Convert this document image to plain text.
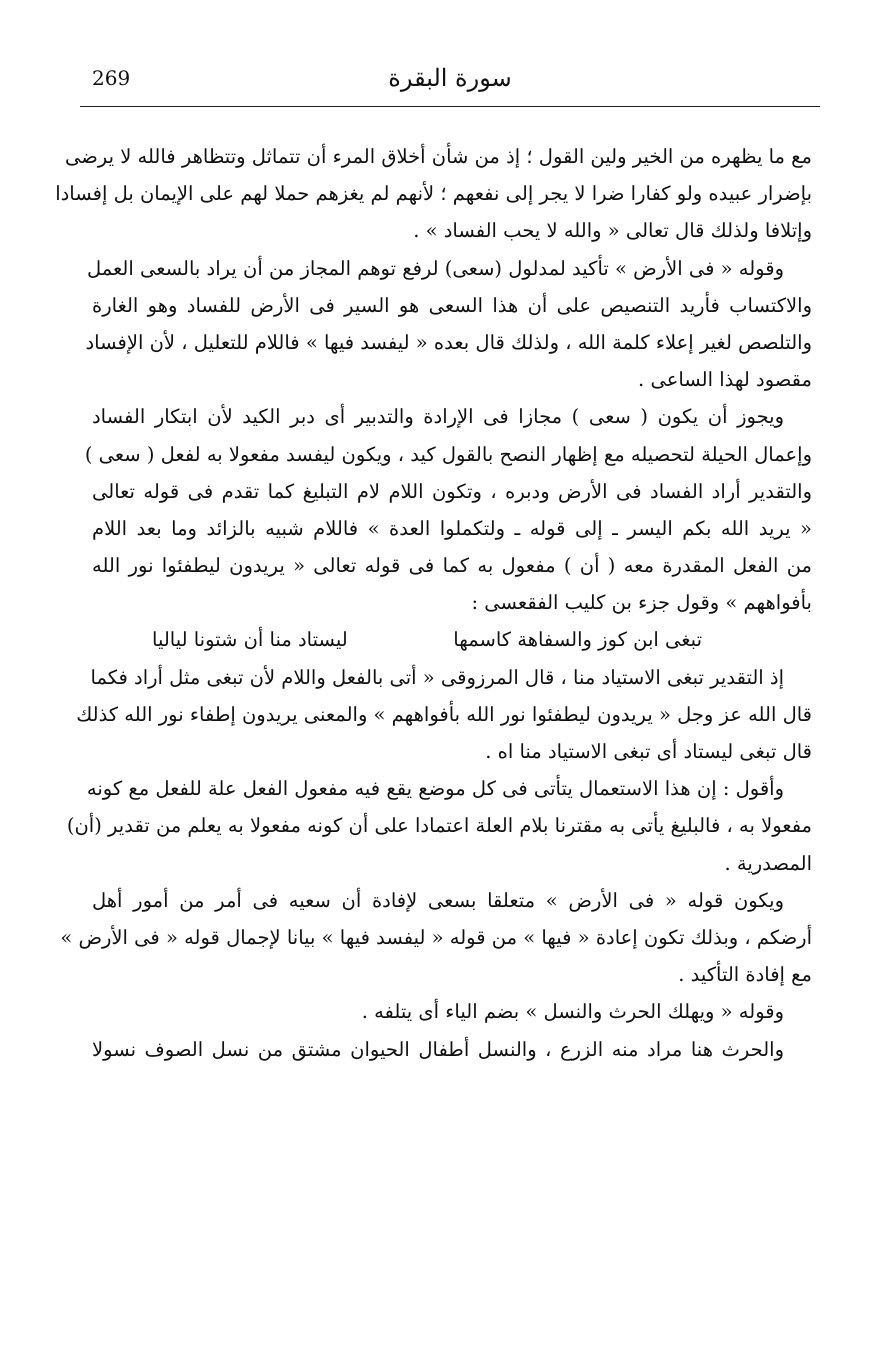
269	سورة البقرة
مع ما يظهره من الخير ولين القول ؛ إذ من شأن أخلاق المرء أن تتماثل وتتظاهر فالله لا يرضى
بإضرار عبيده ولو كفارا ضرا لا يجر إلى نفعهم ؛ لأنهم لم يغزهم حملا لهم على الإيمان بل إفسادا
وإتلافا ولذلك قال تعالى « والله لا يحب الفساد » .
وقوله « فى الأرض » تأكيد لمدلول (سعى) لرفع توهم المجاز من أن يراد بالسعى العمل
والاكتساب فأريد التنصيص على أن هذا السعى هو السير فى الأرض للفساد وهو الغارة
والتلصص لغير إعلاء كلمة الله ، ولذلك قال بعده « ليفسد فيها » فاللام للتعليل ، لأن الإفساد
مقصود لهذا الساعى .
ويجوز أن يكون ( سعى ) مجازا فى الإرادة والتدبير أى دبر الكيد لأن ابتكار الفساد
وإعمال الحيلة لتحصيله مع إظهار النصح بالقول كيد ، ويكون ليفسد مفعولا به لفعل ( سعى )
والتقدير أراد الفساد فى الأرض ودبره ، وتكون اللام لام التبليغ كما تقدم فى قوله تعالى
« يريد الله بكم اليسر ـ إلى قوله ـ ولتكملوا العدة » فاللام شبيه بالزائد وما بعد اللام
من الفعل المقدرة معه ( أن ) مفعول به كما فى قوله تعالى « يريدون ليطفئوا نور الله
بأفواههم » وقول جزء بن كليب الفقعسى :
تبغى ابن كوز والسفاهة كاسمها
ليستاد منا أن شتونا لياليا
إذ التقدير تبغى الاستياد منا ، قال المرزوقى « أتى بالفعل واللام لأن تبغى مثل أراد فكما
قال الله عز وجل « يريدون ليطفئوا نور الله بأفواههم » والمعنى يريدون إطفاء نور الله كذلك
قال تبغى ليستاد أى تبغى الاستياد منا اه .
وأقول : إن هذا الاستعمال يتأتى فى كل موضع يقع فيه مفعول الفعل علة للفعل مع كونه
مفعولا به ، فالبليغ يأتى به مقترنا بلام العلة اعتمادا على أن كونه مفعولا به يعلم من تقدير (أن)
المصدرية .
ويكون قوله « فى الأرض » متعلقا بسعى لإفادة أن سعيه فى أمر من أمور أهل
أرضكم ، وبذلك تكون إعادة « فيها » من قوله « ليفسد فيها » بيانا لإجمال قوله « فى الأرض »
مع إفادة التأكيد .
وقوله « ويهلك الحرث والنسل » بضم الياء أى يتلفه .
والحرث هنا مراد منه الزرع ، والنسل أطفال الحيوان مشتق من نسل الصوف نسولا
